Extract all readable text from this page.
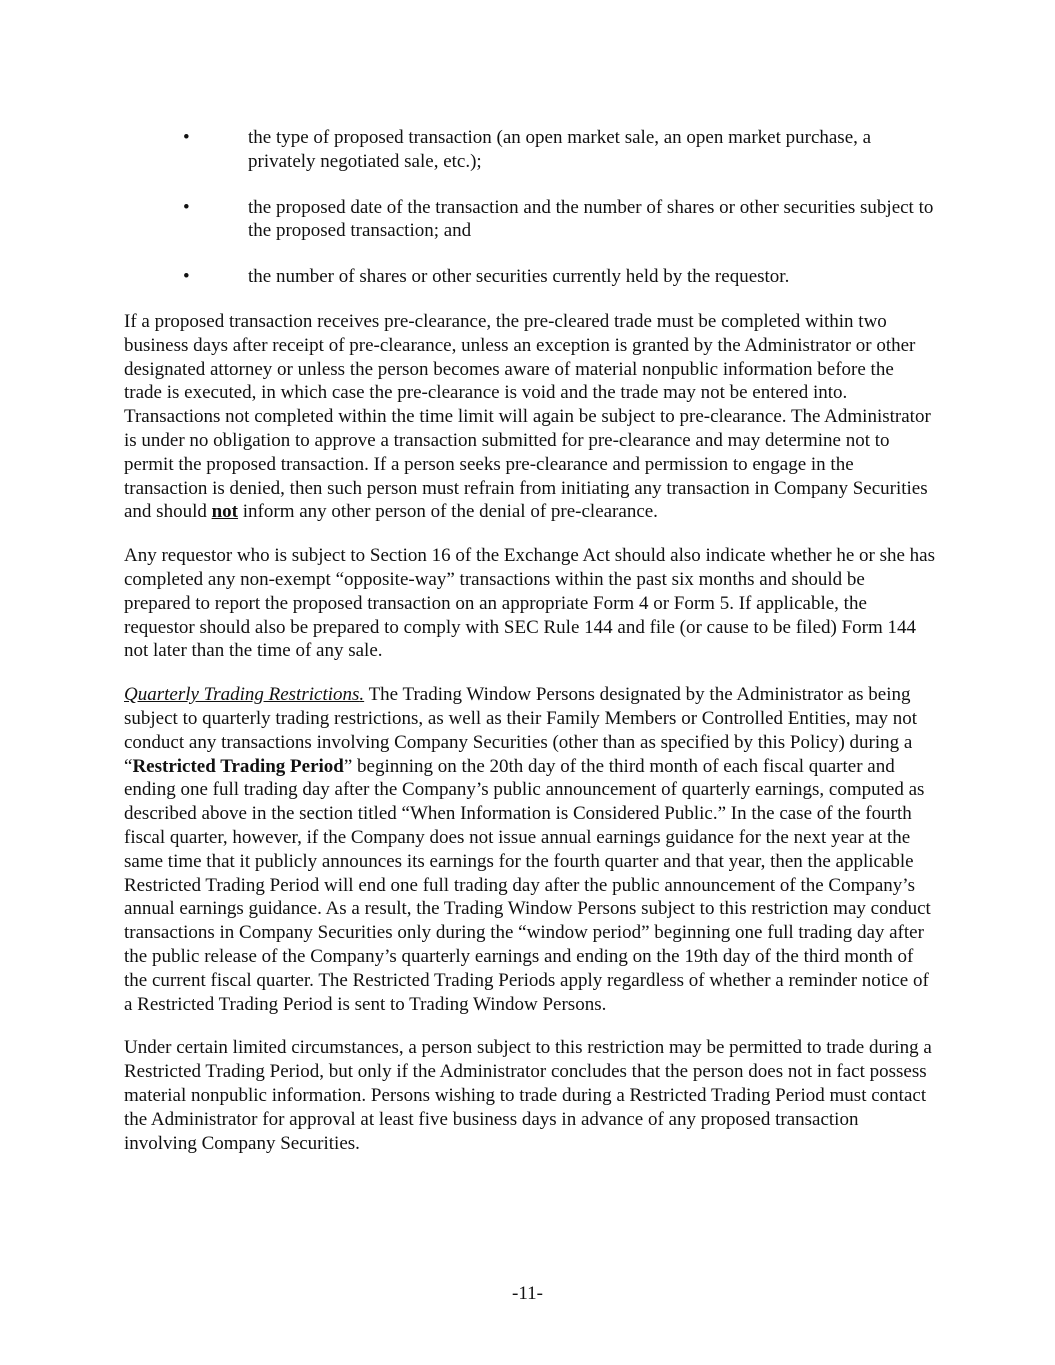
•	the type of proposed transaction (an open market sale, an open market purchase, a privately negotiated sale, etc.);
•	the proposed date of the transaction and the number of shares or other securities subject to the proposed transaction; and
•	the number of shares or other securities currently held by the requestor.

If a proposed transaction receives pre-clearance, the pre-cleared trade must be completed within two business days after receipt of pre-clearance, unless an exception is granted by the Administrator or other designated attorney or unless the person becomes aware of material nonpublic information before the trade is executed, in which case the pre-clearance is void and the trade may not be entered into. Transactions not completed within the time limit will again be subject to pre-clearance. The Administrator is under no obligation to approve a transaction submitted for pre-clearance and may determine not to permit the proposed transaction. If a person seeks pre-clearance and permission to engage in the transaction is denied, then such person must refrain from initiating any transaction in Company Securities and should not inform any other person of the denial of pre-clearance.

Any requestor who is subject to Section 16 of the Exchange Act should also indicate whether he or she has completed any non-exempt “opposite-way” transactions within the past six months and should be prepared to report the proposed transaction on an appropriate Form 4 or Form 5. If applicable, the requestor should also be prepared to comply with SEC Rule 144 and file (or cause to be filed) Form 144 not later than the time of any sale.

Quarterly Trading Restrictions. The Trading Window Persons designated by the Administrator as being subject to quarterly trading restrictions, as well as their Family Members or Controlled Entities, may not conduct any transactions involving Company Securities (other than as specified by this Policy) during a “Restricted Trading Period” beginning on the 20th day of the third month of each fiscal quarter and ending one full trading day after the Company’s public announcement of quarterly earnings, computed as described above in the section titled “When Information is Considered Public.” In the case of the fourth fiscal quarter, however, if the Company does not issue annual earnings guidance for the next year at the same time that it publicly announces its earnings for the fourth quarter and that year, then the applicable Restricted Trading Period will end one full trading day after the public announcement of the Company’s annual earnings guidance. As a result, the Trading Window Persons subject to this restriction may conduct transactions in Company Securities only during the “window period” beginning one full trading day after the public release of the Company’s quarterly earnings and ending on the 19th day of the third month of the current fiscal quarter. The Restricted Trading Periods apply regardless of whether a reminder notice of a Restricted Trading Period is sent to Trading Window Persons.

Under certain limited circumstances, a person subject to this restriction may be permitted to trade during a Restricted Trading Period, but only if the Administrator concludes that the person does not in fact possess material nonpublic information. Persons wishing to trade during a Restricted Trading Period must contact the Administrator for approval at least five business days in advance of any proposed transaction involving Company Securities.

-11-
